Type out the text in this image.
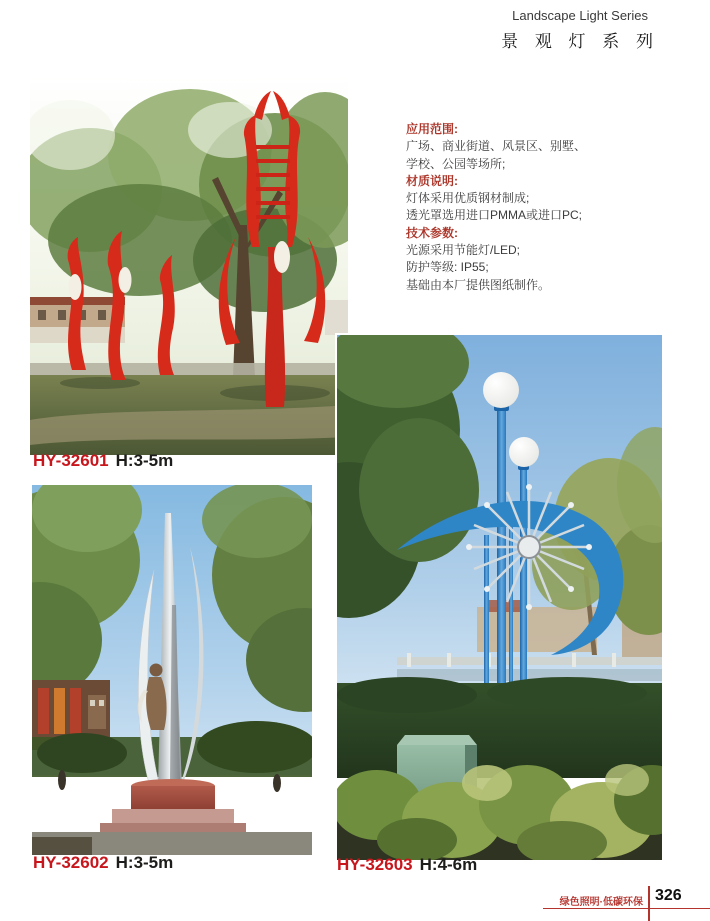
Landscape Light Series
景 观 灯 系 列
HY-32601 H:3-5m
应用范围:
广场、商业街道、风景区、别墅、
学校、公园等场所;
材质说明:
灯体采用优质钢材制成;
透光罩选用进口PMMA或进口PC;
技术参数:
光源采用节能灯/LED;
防护等级: IP55;
基础由本厂提供图纸制作。
HY-32602 H:3-5m	HY-32603 H:4-6m
绿色照明·低碳环保 326
